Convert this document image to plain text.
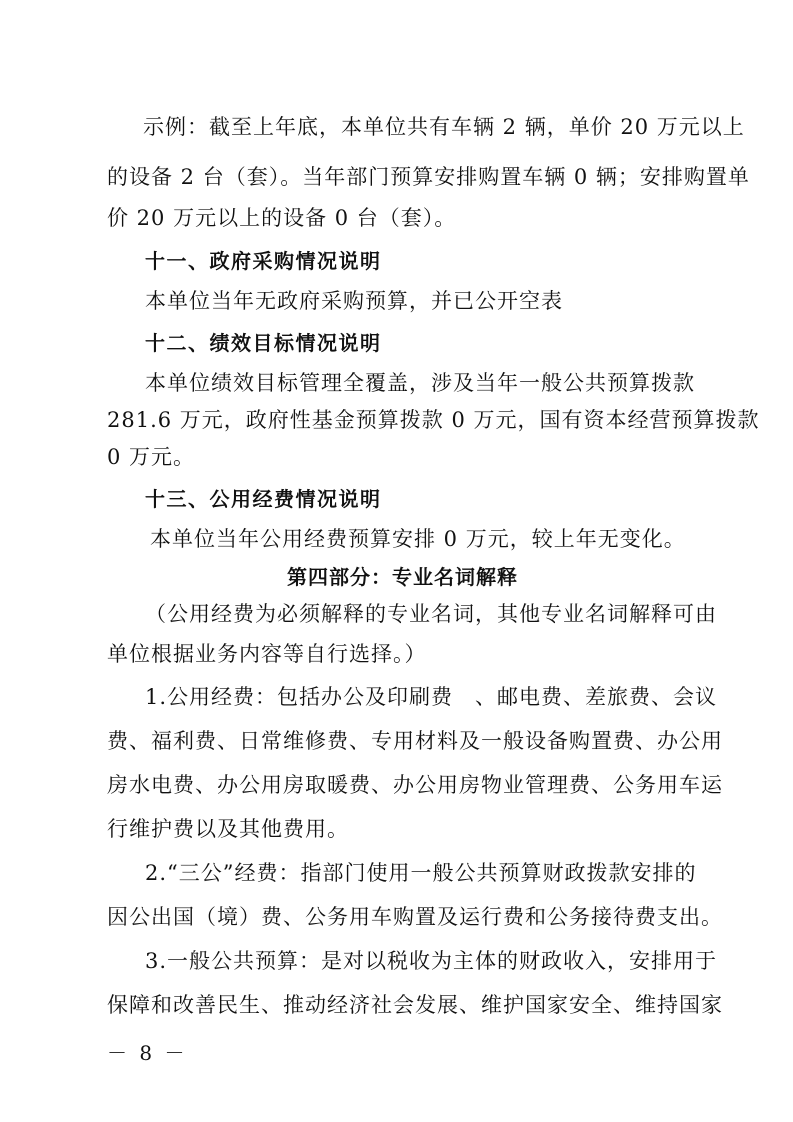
示例：截至上年底，本单位共有车辆 2 辆，单价 20 万元以上
的设备 2 台（套）。当年部门预算安排购置车辆 0 辆；安排购置单
价 20 万元以上的设备 0 台（套）。
十一、政府采购情况说明
本单位当年无政府采购预算，并已公开空表
十二、绩效目标情况说明
本单位绩效目标管理全覆盖，涉及当年一般公共预算拨款
281.6 万元，政府性基金预算拨款 0 万元，国有资本经营预算拨款
0 万元。
十三、公用经费情况说明
本单位当年公用经费预算安排 0 万元，较上年无变化。
第四部分：专业名词解释
（公用经费为必须解释的专业名词，其他专业名词解释可由
单位根据业务内容等自行选择。）
1.公用经费：包括办公及印刷费　、邮电费、差旅费、会议
费、福利费、日常维修费、专用材料及一般设备购置费、办公用
房水电费、办公用房取暖费、办公用房物业管理费、公务用车运
行维护费以及其他费用。
2.“三公”经费：指部门使用一般公共预算财政拨款安排的
因公出国（境）费、公务用车购置及运行费和公务接待费支出。
3.一般公共预算：是对以税收为主体的财政收入，安排用于
保障和改善民生、推动经济社会发展、维护国家安全、维持国家
－ 8 －
